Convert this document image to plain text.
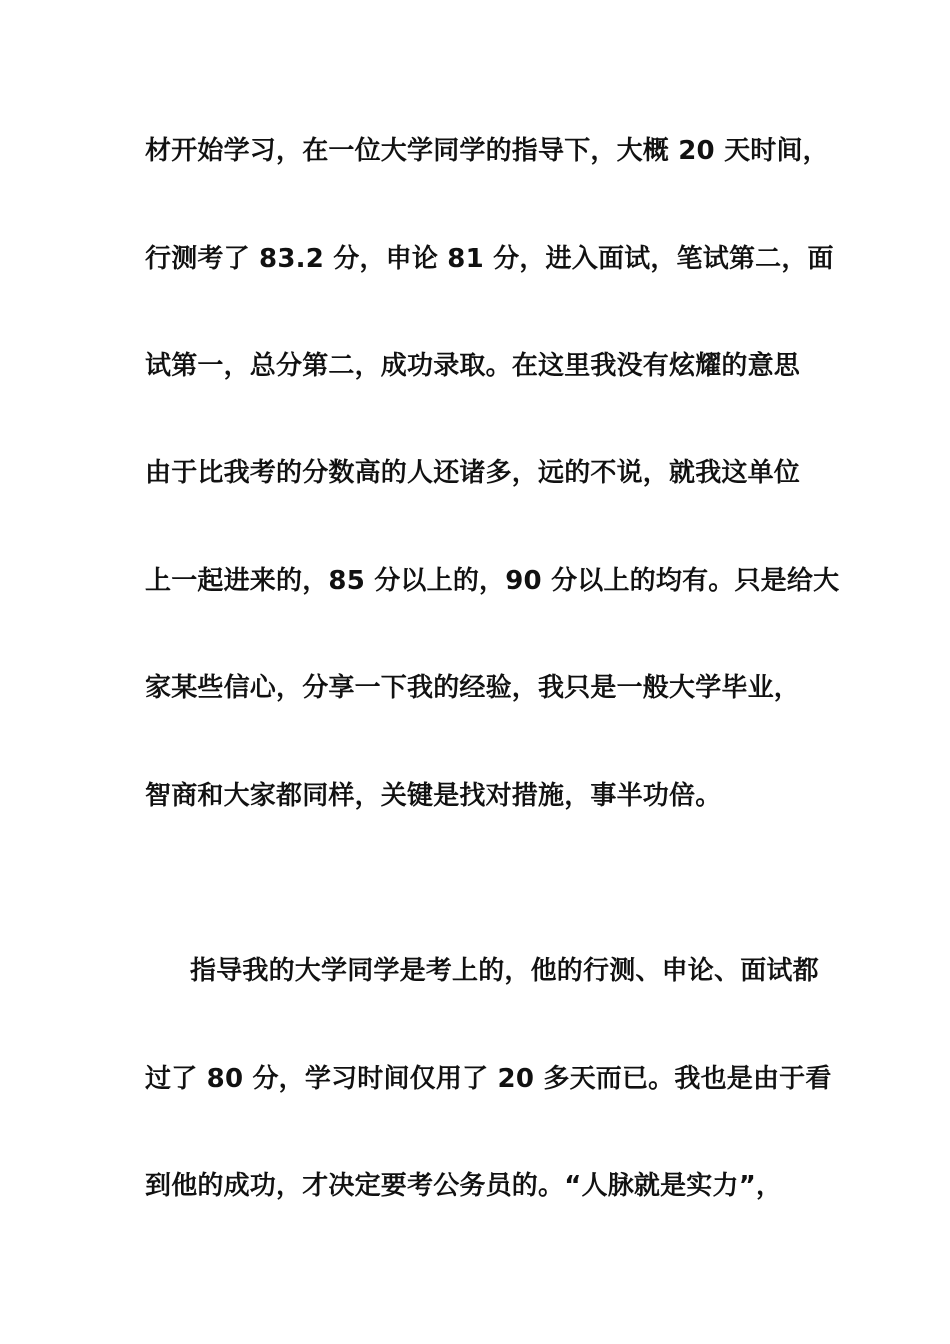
材开始学习，在一位大学同学的指导下，大概 20 天时间，
行测考了 83.2 分，申论 81 分，进入面试，笔试第二，面
试第一，总分第二，成功录取。在这里我没有炫耀的意思
由于比我考的分数高的人还诸多，远的不说，就我这单位
上一起进来的，85 分以上的，90 分以上的均有。只是给大
家某些信心，分享一下我的经验，我只是一般大学毕业，
智商和大家都同样，关键是找对措施，事半功倍。
指导我的大学同学是考上的，他的行测、申论、面试都
过了 80 分，学习时间仅用了 20 多天而已。我也是由于看
到他的成功，才决定要考公务员的。“人脉就是实力”，
